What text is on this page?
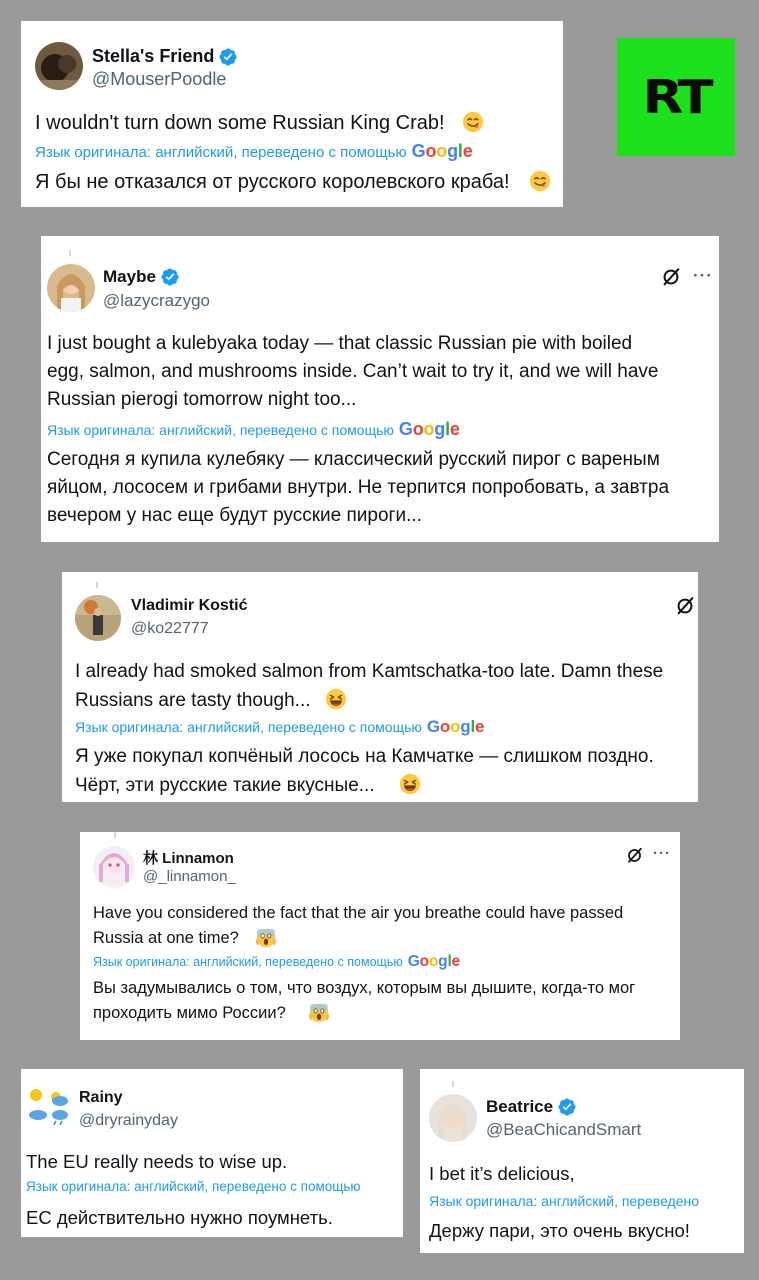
RT
Stella's Friend
@MouserPoodle
I wouldn't turn down some Russian King Crab!
Язык оригинала: английский, переведено с помощью Google
Я бы не отказался от русского королевского краба!
Maybe	···
@lazycrazygo
I just bought a kulebyaka today — that classic Russian pie with boiled
egg, salmon, and mushrooms inside. Can’t wait to try it, and we will have
Russian pierogi tomorrow night too...
Язык оригинала: английский, переведено с помощью Google
Сегодня я купила кулебяку — классический русский пирог с вареным
яйцом, лососем и грибами внутри. Не терпится попробовать, а завтра
вечером у нас еще будут русские пироги...
Vladimir Kostić
@ko22777
I already had smoked salmon from Kamtschatka-too late. Damn these
Russians are tasty though...
Язык оригинала: английский, переведено с помощью Google
Я уже покупал копчёный лосось на Камчатке — слишком поздно.
Чёрт, эти русские такие вкусные...
林 Linnamon	···
@_linnamon_
Have you considered the fact that the air you breathe could have passed
Russia at one time?
Язык оригинала: английский, переведено с помощью Google
Вы задумывались о том, что воздух, которым вы дышите, когда-то мог
проходить мимо России?
Rainy
@dryrainyday
The EU really needs to wise up.
Язык оригинала: английский, переведено с помощью
ЕС действительно нужно поумнеть.
Beatrice
@BeaChicandSmart
I bet it’s delicious,
Язык оригинала: английский, переведено
Держу пари, это очень вкусно!
